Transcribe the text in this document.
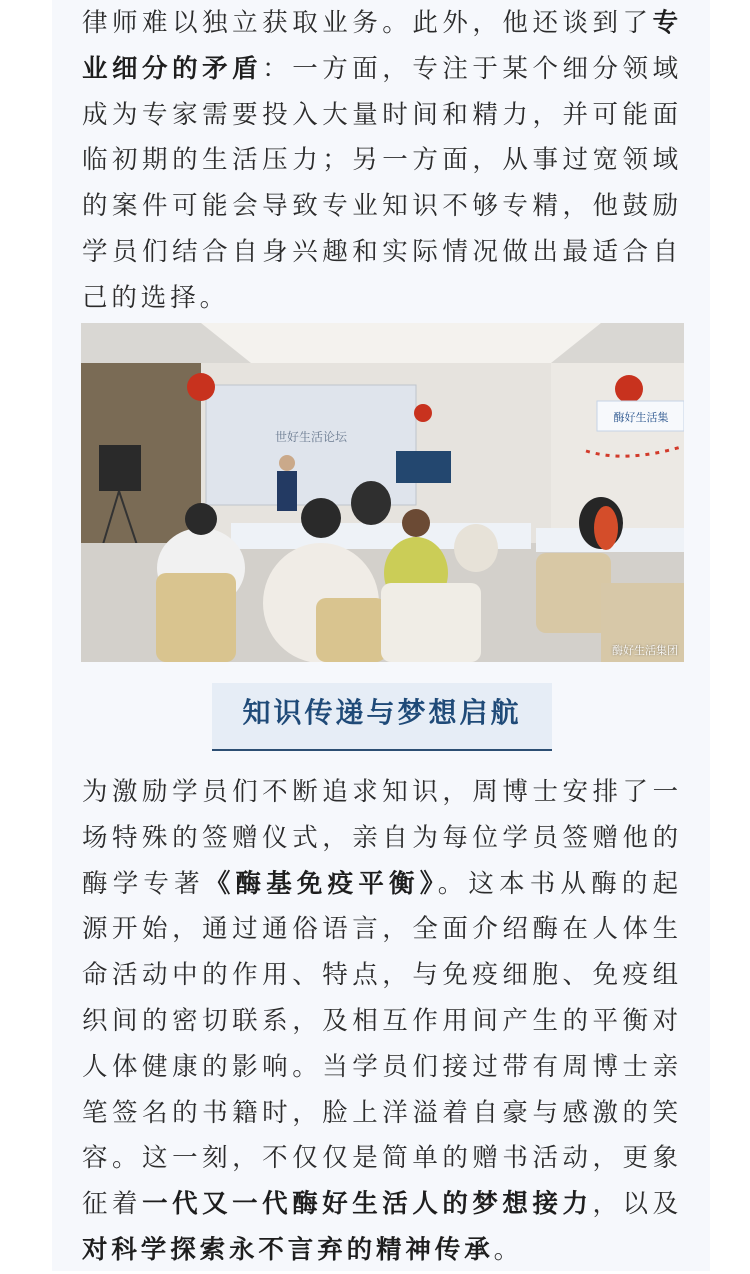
律师难以独立获取业务。此外，他还谈到了专业细分的矛盾：一方面，专注于某个细分领域成为专家需要投入大量时间和精力，并可能面临初期的生活压力；另一方面，从事过宽领域的案件可能会导致专业知识不够专精，他鼓励学员们结合自身兴趣和实际情况做出最适合自己的选择。

世好生活论坛
酶好生活集
酶好生活集团
知识传递与梦想启航

为激励学员们不断追求知识，周博士安排了一场特殊的签赠仪式，亲自为每位学员签赠他的酶学专著《酶基免疫平衡》。这本书从酶的起源开始，通过通俗语言，全面介绍酶在人体生命活动中的作用、特点，与免疫细胞、免疫组织间的密切联系，及相互作用间产生的平衡对人体健康的影响。当学员们接过带有周博士亲笔签名的书籍时，脸上洋溢着自豪与感激的笑容。这一刻，不仅仅是简单的赠书活动，更象征着一代又一代酶好生活人的梦想接力，以及对科学探索永不言弃的精神传承。
